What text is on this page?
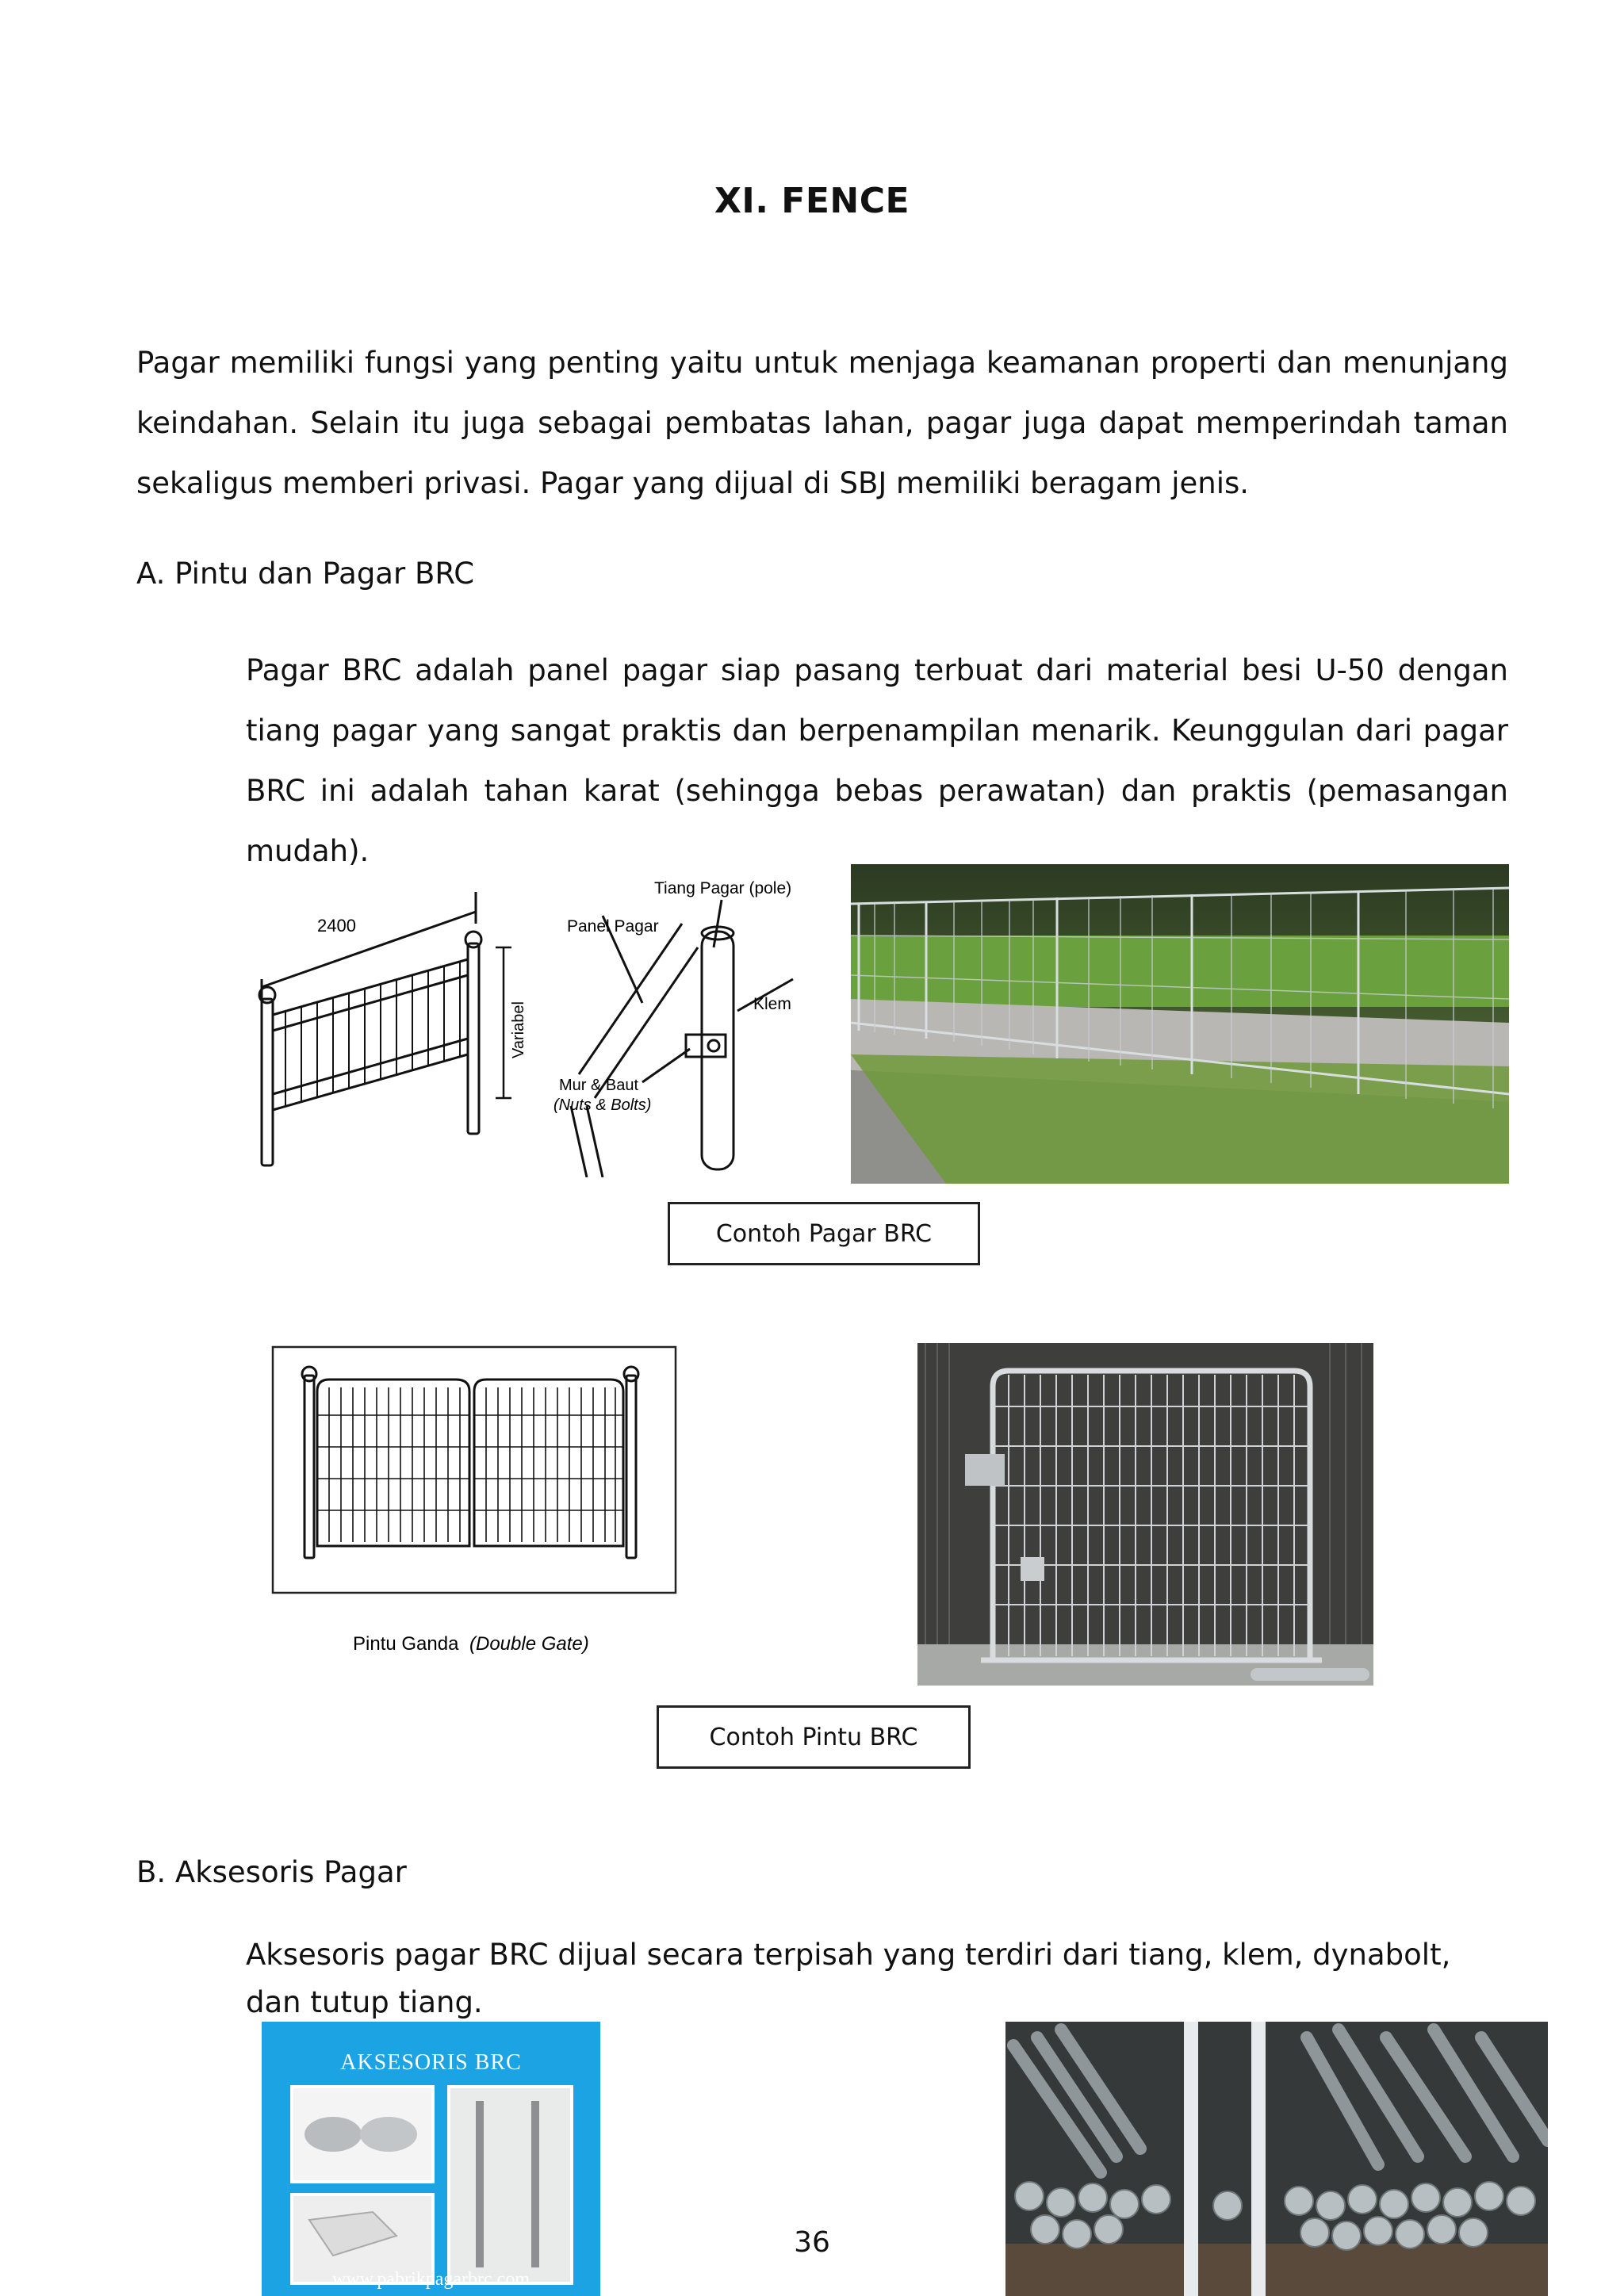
XI. FENCE
Pagar memiliki fungsi yang penting yaitu untuk menjaga keamanan properti dan menunjang keindahan. Selain itu juga sebagai pembatas lahan, pagar juga dapat memperindah taman sekaligus memberi privasi. Pagar yang dijual di SBJ memiliki beragam jenis.
A. Pintu dan Pagar BRC
Pagar BRC adalah panel pagar siap pasang terbuat dari material besi U-50 dengan tiang pagar yang sangat praktis dan berpenampilan menarik. Keunggulan dari pagar BRC ini adalah tahan karat (sehingga bebas perawatan) dan praktis (pemasangan mudah).
2400
Variabel
Tiang Pagar (pole)
Panel Pagar
Klem
Mur & Baut
(Nuts & Bolts)
Contoh Pagar BRC
Pintu Ganda (Double Gate)
Contoh Pintu BRC
B. Aksesoris Pagar
Aksesoris pagar BRC dijual secara terpisah yang terdiri dari tiang, klem, dynabolt, dan tutup tiang.
AKSESORIS BRC
www.pabrikpagarbrc.com
36
